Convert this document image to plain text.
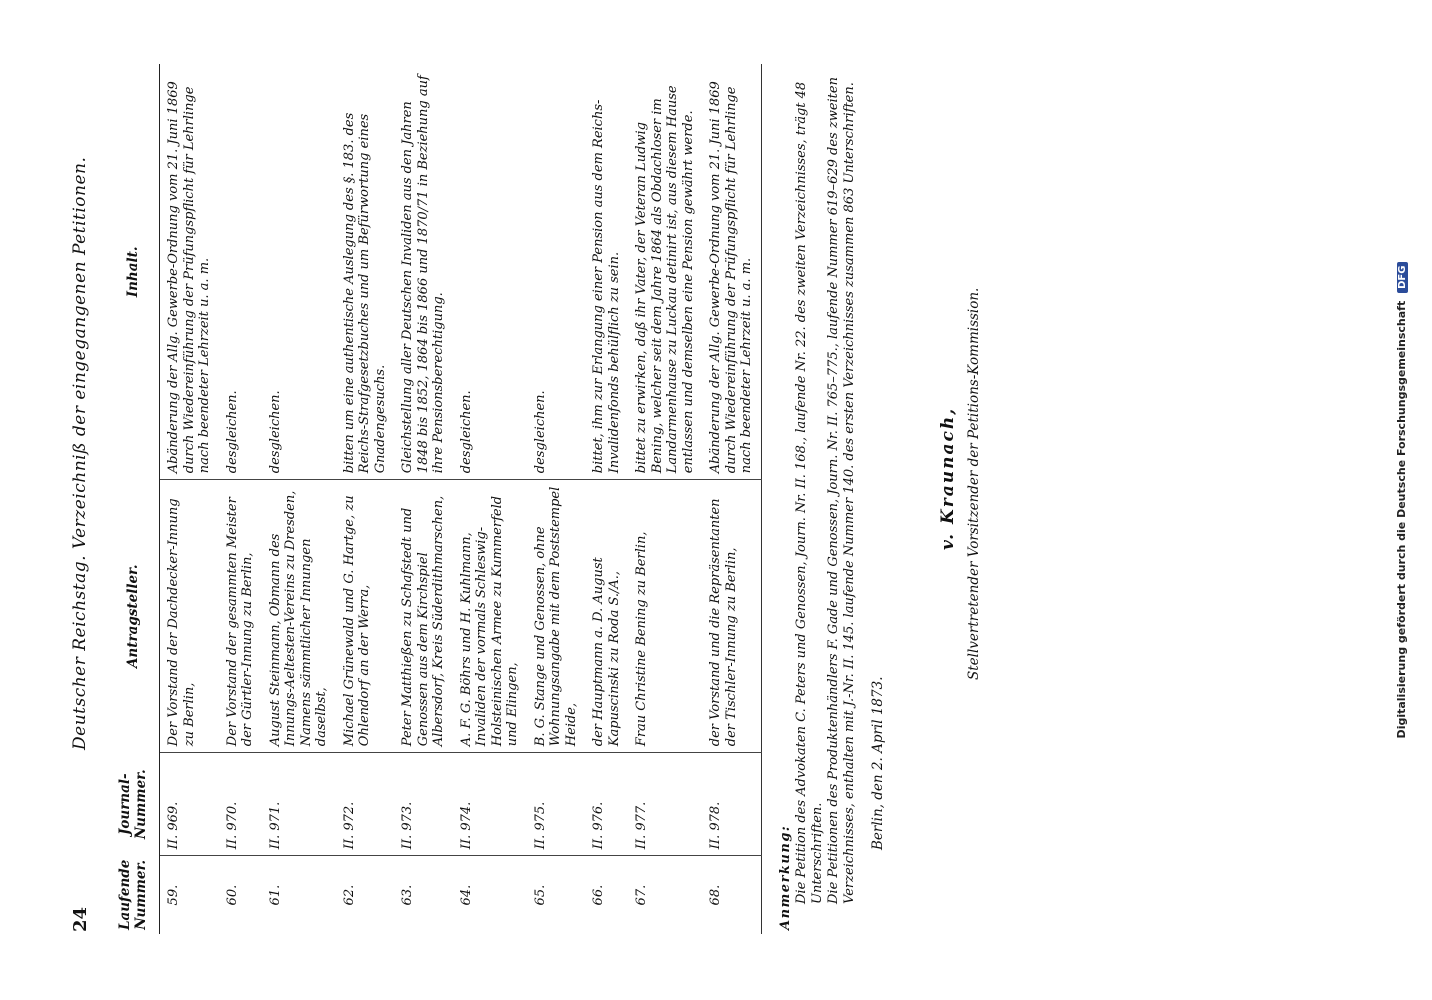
24
Deutscher Reichstag. Verzeichniß der eingegangenen Petitionen.
Laufende Nummer.	Journal-Nummer.	Antragsteller.	Inhalt.
59.	II. 969.	Der Vorstand der Dachdecker-Innung zu Berlin,	Abänderung der Allg. Gewerbe-Ordnung vom 21. Juni 1869 durch Wiedereinführung der Prüfungspflicht für Lehrlinge nach beendeter Lehrzeit u. a. m.
60.	II. 970.	Der Vorstand der gesammten Meister der Gürtler-Innung zu Berlin,	desgleichen.
61.	II. 971.	August Steinmann, Obmann des Innungs-Aeltesten-Vereins zu Dresden, Namens sämmtlicher Innungen daselbst,	desgleichen.
62.	II. 972.	Michael Grünewald und G. Hartge, zu Ohlendorf an der Werra,	bitten um eine authentische Auslegung des §. 183. des Reichs-Strafgesetzbuches und um Befürwortung eines Gnadengesuchs.
63.	II. 973.	Peter Matthießen zu Schafstedt und Genossen aus dem Kirchspiel Albersdorf, Kreis Süderdithmarschen,	Gleichstellung aller Deutschen Invaliden aus den Jahren 1848 bis 1852, 1864 bis 1866 und 1870/71 in Beziehung auf ihre Pensionsberechtigung.
64.	II. 974.	A. F. G. Böhrs und H. Kuhlmann, Invaliden der vormals Schleswig-Holsteinischen Armee zu Kummerfeld und Elingen,	desgleichen.
65.	II. 975.	B. G. Stange und Genossen, ohne Wohnungsangabe mit dem Poststempel Heide,	desgleichen.
66.	II. 976.	der Hauptmann a. D. August Kapuscinski zu Roda S./A.,	bittet, ihm zur Erlangung einer Pension aus dem Reichs-Invalidenfonds behülflich zu sein.
67.	II. 977.	Frau Christine Bening zu Berlin,	bittet zu erwirken, daß ihr Vater, der Veteran Ludwig Bening, welcher seit dem Jahre 1864 als Obdachloser im Landarmenhause zu Luckau detinirt ist, aus diesem Hause entlassen und demselben eine Pension gewährt werde.
68.	II. 978.	der Vorstand und die Repräsentanten der Tischler-Innung zu Berlin,	Abänderung der Allg. Gewerbe-Ordnung vom 21. Juni 1869 durch Wiedereinführung der Prüfungspflicht für Lehrlinge nach beendeter Lehrzeit u. a. m.
Anmerkung: Die Petition des Advokaten C. Peters und Genossen, Journ. Nr. II. 168., laufende Nr. 22. des zweiten Verzeichnisses, trägt 48 Unterschriften. Die Petitionen des Produktenhändlers F. Gade und Genossen, Journ. Nr. II. 765–775., laufende Nummer 619–629 des zweiten Verzeichnisses, enthalten mit J.-Nr. II. 145. laufende Nummer 140. des ersten Verzeichnisses zusammen 863 Unterschriften. Berlin, den 2. April 1873.
v. Kraunach, Stellvertretender Vorsitzender der Petitions-Kommission.	Digitalisierung gefördert durch die Deutsche Forschungsgemeinschaft DFG
